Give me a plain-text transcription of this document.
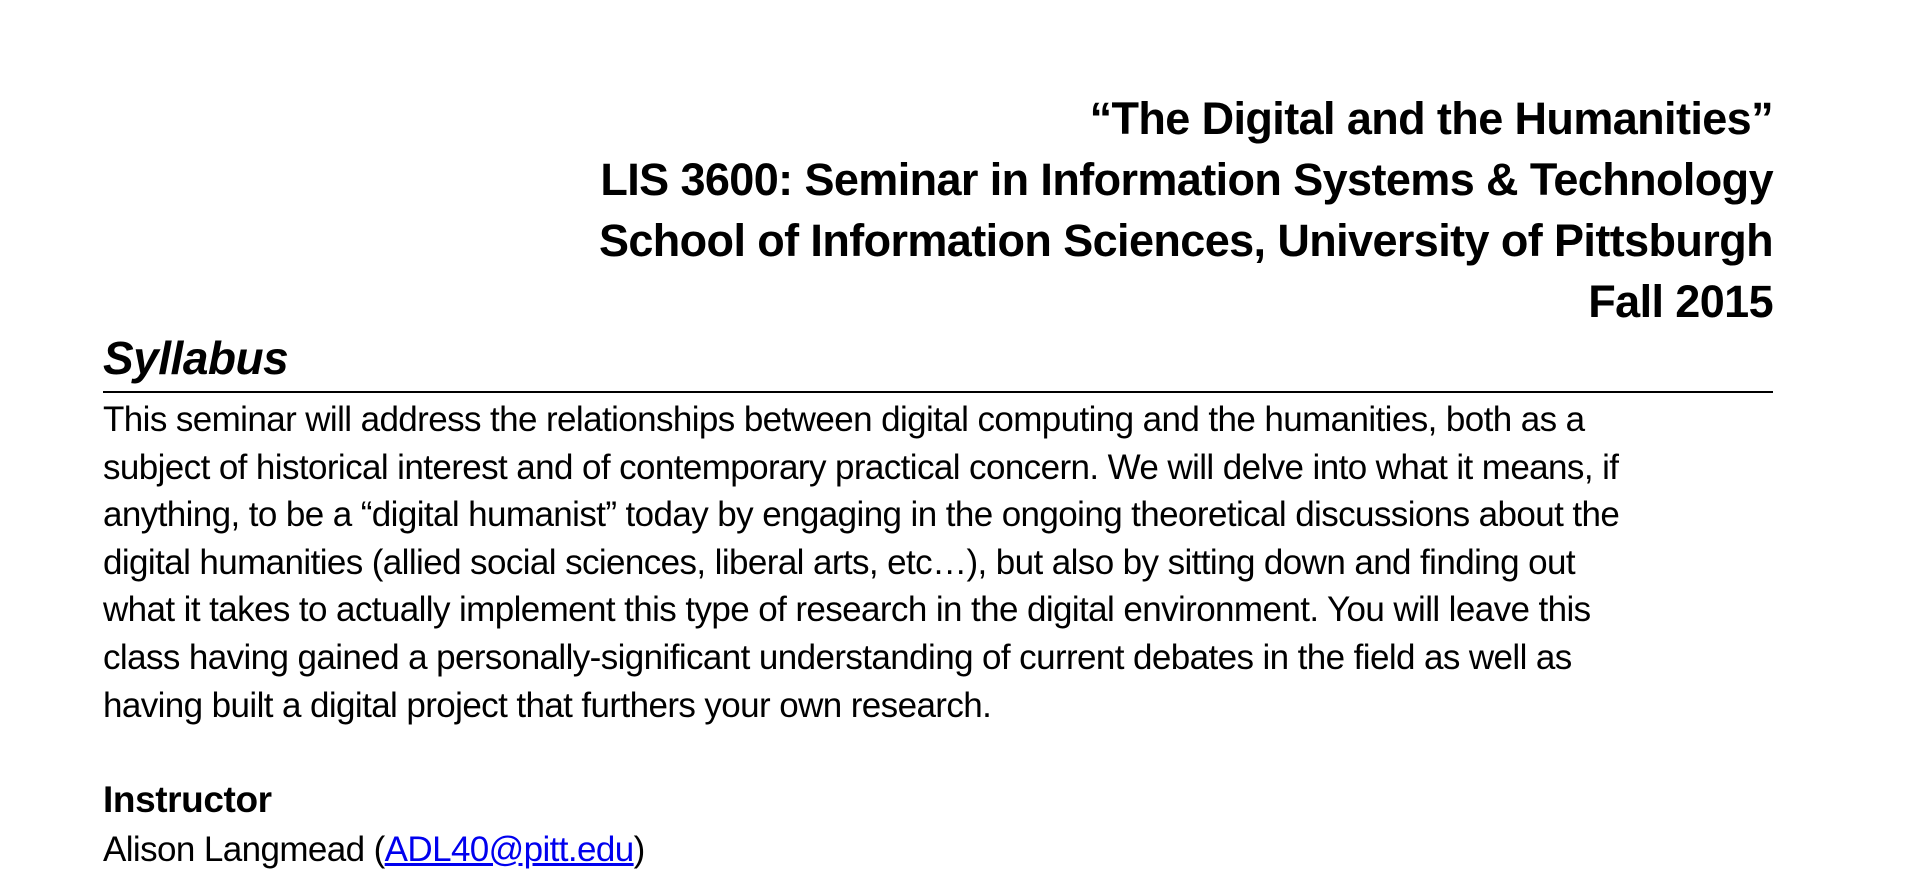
“The Digital and the Humanities”
LIS 3600: Seminar in Information Systems & Technology
School of Information Sciences, University of Pittsburgh
Fall 2015
Syllabus

This seminar will address the relationships between digital computing and the humanities, both as a
subject of historical interest and of contemporary practical concern. We will delve into what it means, if
anything, to be a “digital humanist” today by engaging in the ongoing theoretical discussions about the
digital humanities (allied social sciences, liberal arts, etc…), but also by sitting down and finding out
what it takes to actually implement this type of research in the digital environment. You will leave this
class having gained a personally-significant understanding of current debates in the field as well as
having built a digital project that furthers your own research.

Instructor
Alison Langmead (ADL40@pitt.edu)
